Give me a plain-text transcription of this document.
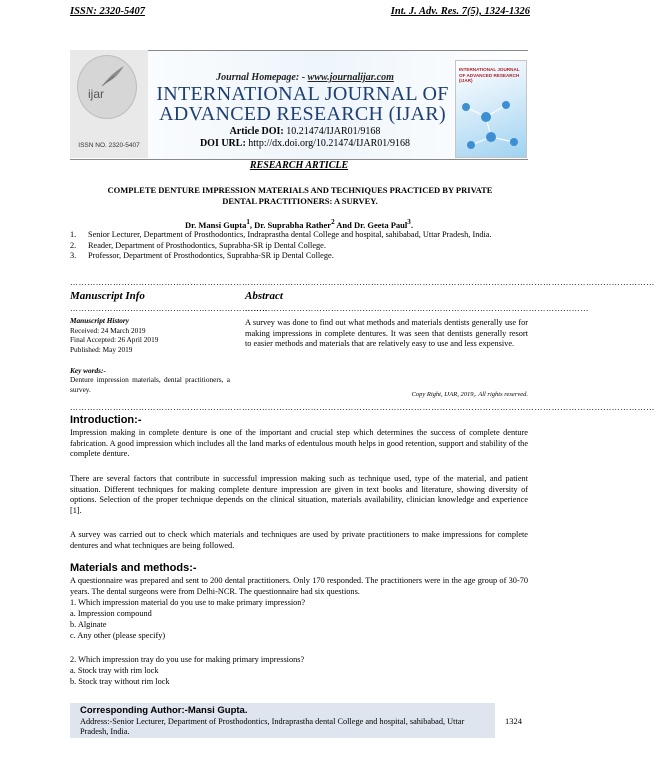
ISSN: 2320-5407	Int. J. Adv. Res. 7(5), 1324-1326
ijar
ISSN NO. 2320-5407
Journal Homepage: - www.journalijar.com
INTERNATIONAL JOURNAL OF
ADVANCED RESEARCH (IJAR)
Article DOI: 10.21474/IJAR01/9168
DOI URL: http://dx.doi.org/10.21474/IJAR01/9168
INTERNATIONAL JOURNAL OF ADVANCED RESEARCH (IJAR)
RESEARCH ARTICLE
COMPLETE DENTURE IMPRESSION MATERIALS AND TECHNIQUES PRACTICED BY PRIVATE
DENTAL PRACTITIONERS: A SURVEY.
Dr. Mansi Gupta$^1$, Dr. Suprabha Rather$^2$ And Dr. Geeta Paul$^3$.
1. Senior Lecturer, Department of Prosthodontics, Indraprastha dental College and hospital, sahibabad, Uttar Pradesh, India.
2. Reader, Department of Prosthodontics, Suprabha-SR ip Dental College.
3. Professor, Department of Prosthodontics, Suprabha-SR ip Dental College.
……………………………………………………………………………………………………………………………………………………………………………………
Manuscript Info	Abstract
……………………………………………………………
…………………………………………………………………………………………………………
Manuscript History
Received: 24 March 2019
Final Accepted: 26 April 2019
Published: May 2019
Key words:-
Denture impression materials, dental practitioners, a survey.
A survey was done to find out what methods and materials dentists generally use for making impressions in complete dentures. It was seen that dentists generally resort to easier methods and materials that are relatively easy to use and less expensive.
Copy Right, IJAR, 2019,. All rights reserved.
……………………………………………………………………………………………………………………………………………………………………………………
Introduction:-

Impression making in complete denture is one of the important and crucial step which determines the success of complete denture fabrication. A good impression which includes all the land marks of edentulous mouth helps in good retention, support and stability of the complete denture.

There are several factors that contribute in successful impression making such as technique used, type of the material, and patient situation. Different techniques for making complete denture impression are given in text books and literature, showing diversity of options. Selection of the proper technique depends on the clinical situation, materials availability, clinician knowledge and experience [1].

A survey was carried out to check which materials and techniques are used by private practitioners to make impressions for complete dentures and what techniques are being followed.

Materials and methods:-

A questionnaire was prepared and sent to 200 dental practitioners. Only 170 responded. The practitioners were in the age group of 30-70 years. The dental surgeons were from Delhi-NCR. The questionnaire had six questions.

1. Which impression material do you use to make primary impression?
a. Impression compound
b. Alginate
c. Any other (please specify)
2. Which impression tray do you use for making primary impressions?
a. Stock tray with rim lock
b. Stock tray without rim lock
Corresponding Author:-Mansi Gupta.
Address:-Senior Lecturer, Department of Prosthodontics, Indraprastha dental College and hospital, sahibabad, Uttar Pradesh, India.
1324
